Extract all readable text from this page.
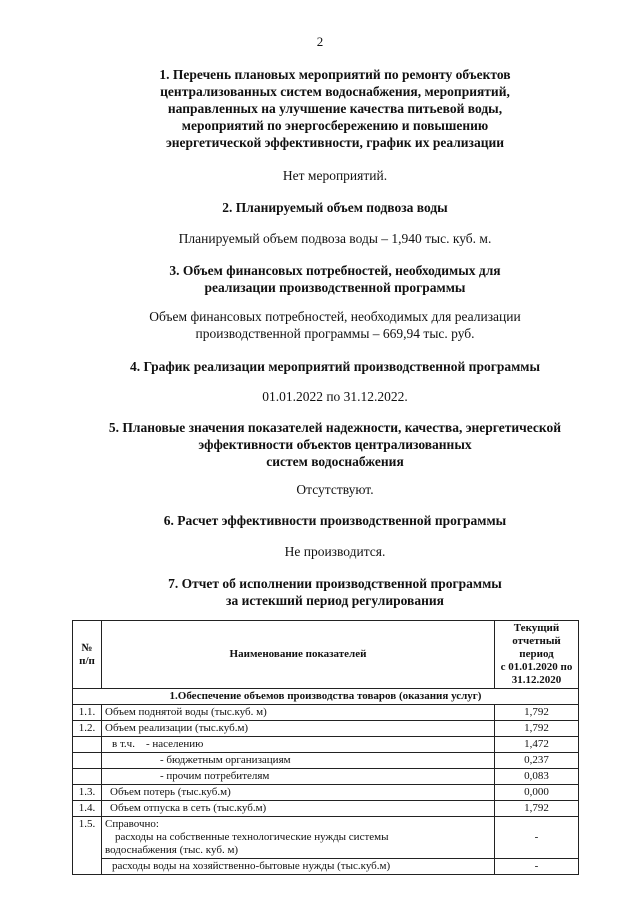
2
1. Перечень плановых мероприятий по ремонту объектов
централизованных систем водоснабжения, мероприятий,
направленных на улучшение качества питьевой воды,
мероприятий по энергосбережению и повышению
энергетической эффективности, график их реализации
Нет мероприятий.
2. Планируемый объем подвоза воды
Планируемый объем подвоза воды – 1,940 тыс. куб. м.
3. Объем финансовых потребностей, необходимых для
реализации производственной программы
Объем финансовых потребностей, необходимых для реализации
производственной программы – 669,94 тыс. руб.
4. График реализации мероприятий производственной программы
01.01.2022 по 31.12.2022.
5. Плановые значения показателей надежности, качества, энергетической
эффективности объектов централизованных
систем водоснабжения
Отсутствуют.
6. Расчет эффективности производственной программы
Не производится.
7. Отчет об исполнении производственной программы
за истекший период регулирования
№ п/п	Наименование показателей	Текущий
отчетный период
с 01.01.2020 по
31.12.2020

1.Обеспечение объемов производства товаров (оказания услуг)		
1.1.	Объем поднятой воды (тыс.куб. м)	1,792
1.2.	Объем реализации (тыс.куб.м)	1,792
	в т.ч.    - населению	1,472
	- бюджетным организациям	0,237
	- прочим потребителям	0,083
1.3.	Объем потерь (тыс.куб.м)	0,000
1.4.	Объем отпуска в сеть (тыс.куб.м)	1,792
1.5.	Справочно:
расходы на собственные технологические нужды системы
водоснабжения (тыс. куб. м)	-
	расходы воды на хозяйственно-бытовые нужды (тыс.куб.м)	-
